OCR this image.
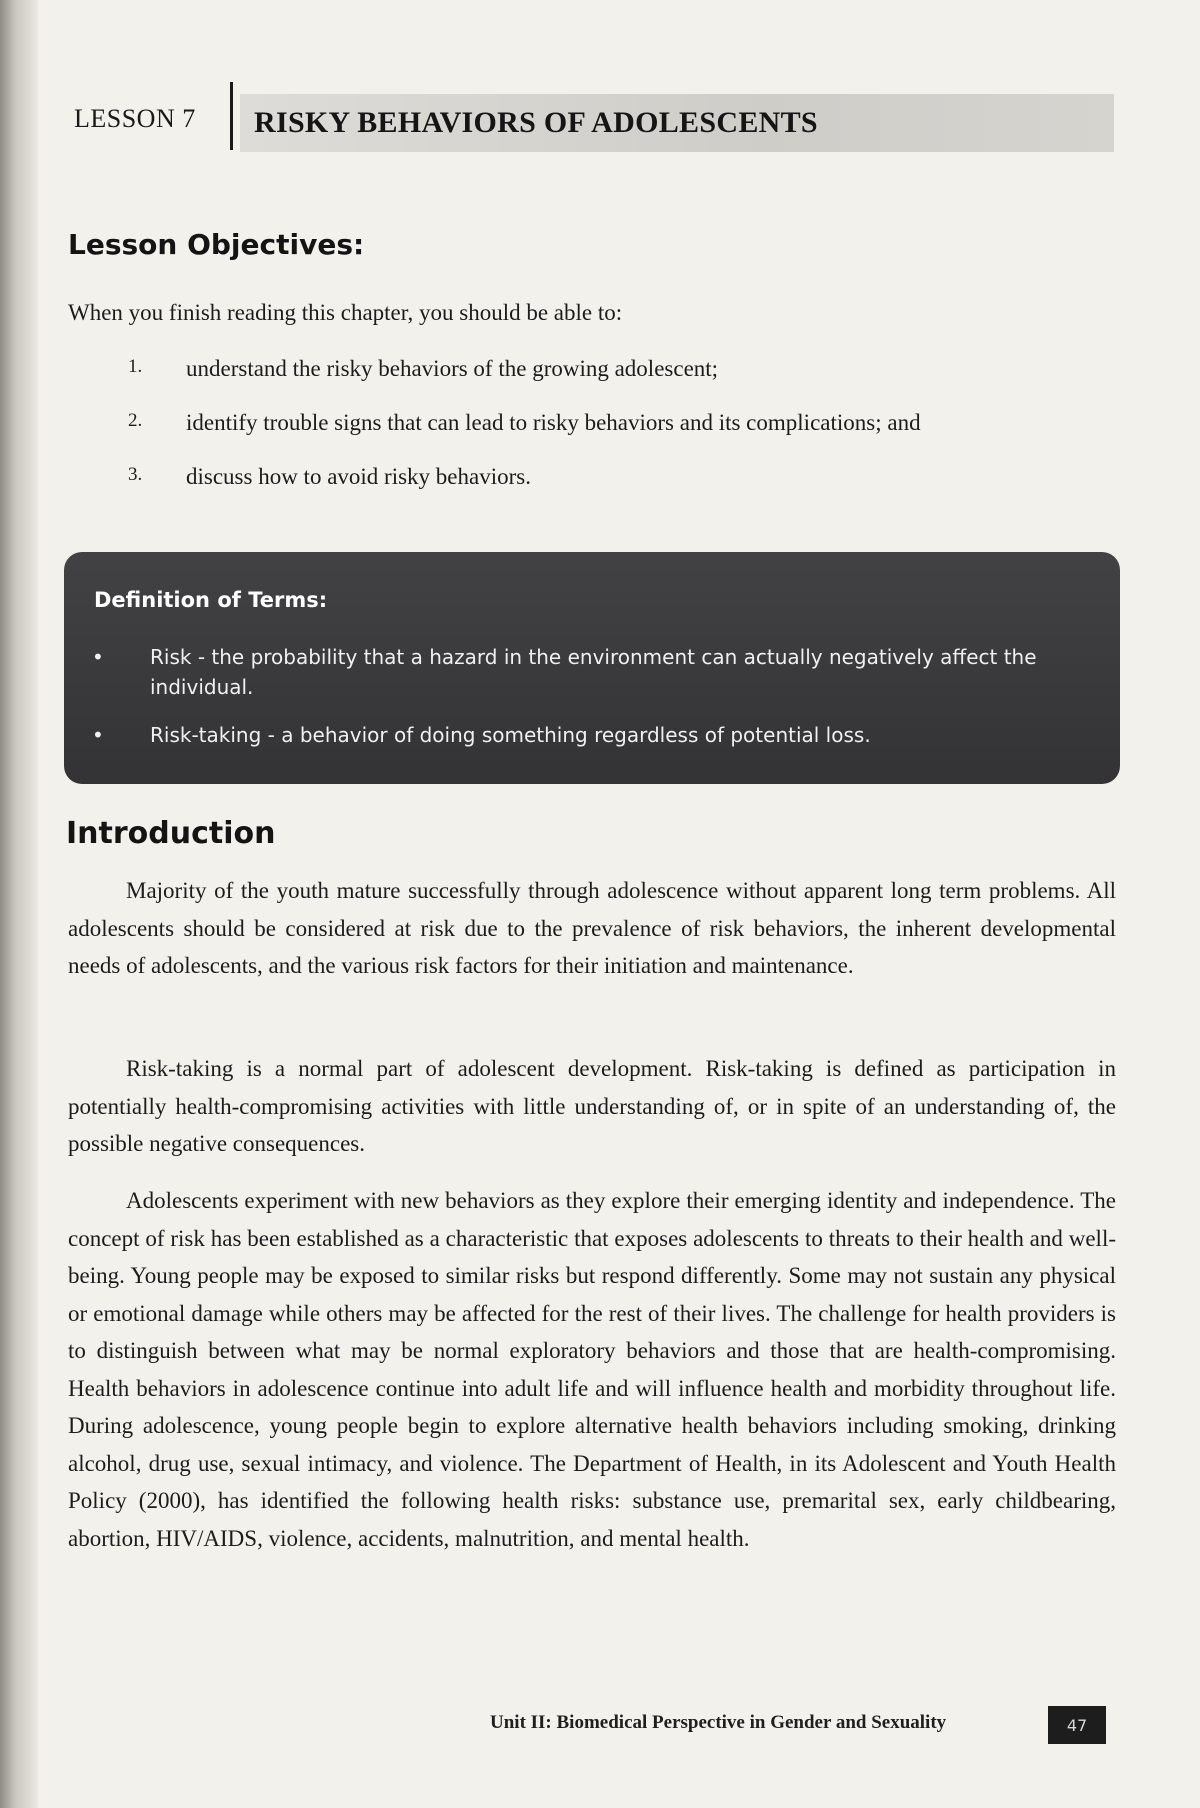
LESSON 7 RISKY BEHAVIORS OF ADOLESCENTS
Lesson Objectives:
When you finish reading this chapter, you should be able to:
1. understand the risky behaviors of the growing adolescent;
2. identify trouble signs that can lead to risky behaviors and its complications; and
3. discuss how to avoid risky behaviors.
Definition of Terms:
• Risk - the probability that a hazard in the environment can actually negatively affect the individual.
• Risk-taking - a behavior of doing something regardless of potential loss.
Introduction

Majority of the youth mature successfully through adolescence without apparent long term problems. All adolescents should be considered at risk due to the prevalence of risk behaviors, the inherent developmental needs of adolescents, and the various risk factors for their initiation and maintenance.

Risk-taking is a normal part of adolescent development. Risk-taking is defined as participation in potentially health-compromising activities with little understanding of, or in spite of an understanding of, the possible negative consequences.

Adolescents experiment with new behaviors as they explore their emerging identity and independence. The concept of risk has been established as a characteristic that exposes adolescents to threats to their health and well-being. Young people may be exposed to similar risks but respond differently. Some may not sustain any physical or emotional damage while others may be affected for the rest of their lives. The challenge for health providers is to distinguish between what may be normal exploratory behaviors and those that are health-compromising. Health behaviors in adolescence continue into adult life and will influence health and morbidity throughout life. During adolescence, young people begin to explore alternative health behaviors including smoking, drinking alcohol, drug use, sexual intimacy, and violence. The Department of Health, in its Adolescent and Youth Health Policy (2000), has identified the following health risks: substance use, premarital sex, early childbearing, abortion, HIV/AIDS, violence, accidents, malnutrition, and mental health.

Unit II: Biomedical Perspective in Gender and Sexuality	47
